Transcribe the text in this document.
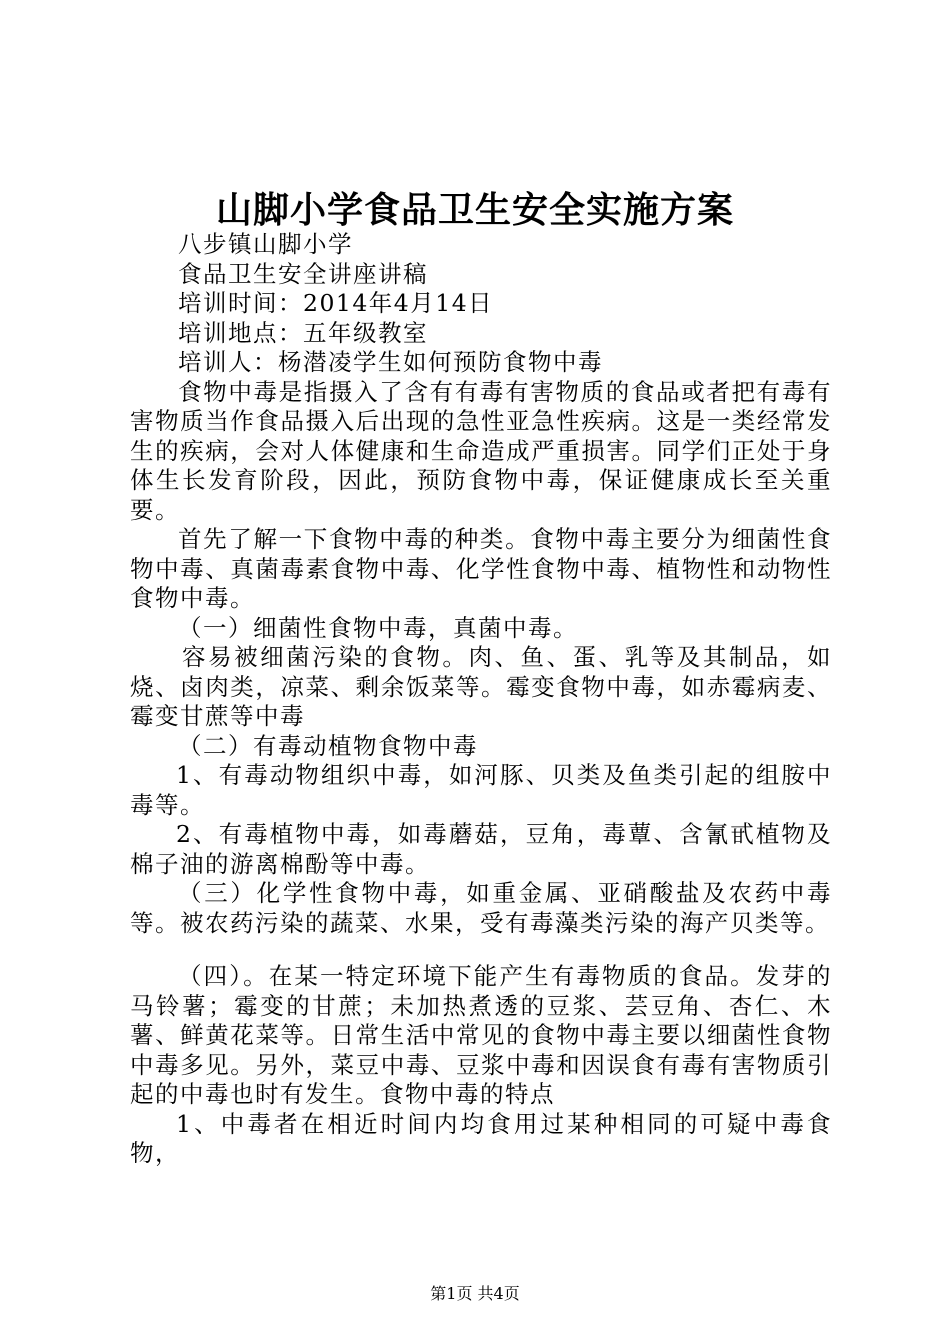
山脚小学食品卫生安全实施方案

八步镇山脚小学

食品卫生安全讲座讲稿

培训时间：2014年4月14日

培训地点：五年级教室

培训人：杨潜凌学生如何预防食物中毒

食物中毒是指摄入了含有有毒有害物质的食品或者把有毒有害物质当作食品摄入后出现的急性亚急性疾病。这是一类经常发生的疾病，会对人体健康和生命造成严重损害。同学们正处于身体生长发育阶段，因此，预防食物中毒，保证健康成长至关重要。

首先了解一下食物中毒的种类。食物中毒主要分为细菌性食物中毒、真菌毒素食物中毒、化学性食物中毒、植物性和动物性食物中毒。

（一）细菌性食物中毒，真菌中毒。

容易被细菌污染的食物。肉、鱼、蛋、乳等及其制品，如烧、卤肉类，凉菜、剩余饭菜等。霉变食物中毒，如赤霉病麦、霉变甘蔗等中毒

（二）有毒动植物食物中毒

1、有毒动物组织中毒，如河豚、贝类及鱼类引起的组胺中毒等。

2、有毒植物中毒，如毒蘑菇，豆角，毒蕈、含氰甙植物及棉子油的游离棉酚等中毒。

（三）化学性食物中毒，如重金属、亚硝酸盐及农药中毒等。被农药污染的蔬菜、水果，受有毒藻类污染的海产贝类等。

（四）。在某一特定环境下能产生有毒物质的食品。发芽的马铃薯；霉变的甘蔗；未加热煮透的豆浆、芸豆角、杏仁、木薯、鲜黄花菜等。日常生活中常见的食物中毒主要以细菌性食物中毒多见。另外，菜豆中毒、豆浆中毒和因误食有毒有害物质引起的中毒也时有发生。食物中毒的特点

1、中毒者在相近时间内均食用过某种相同的可疑中毒食物，

第1页 共4页
